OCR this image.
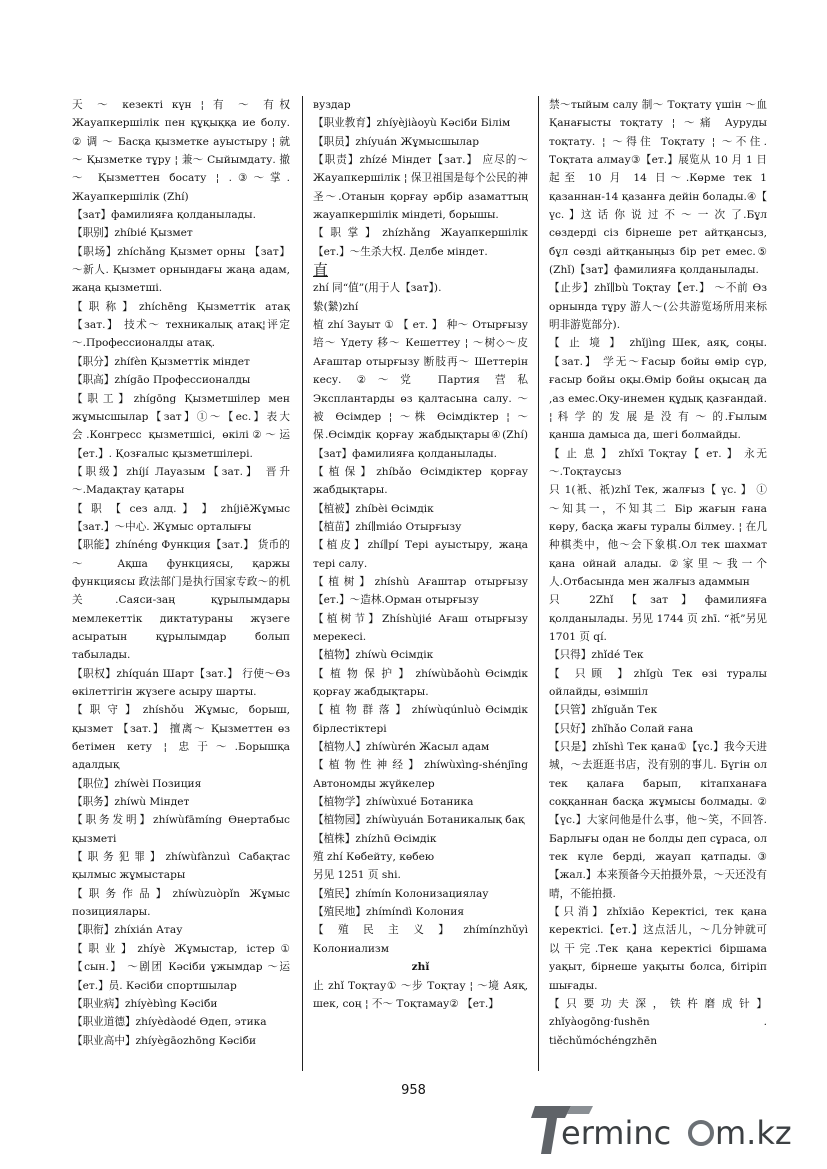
天 ～ кезекті күн ¦ 有 ～ 有权 Жауапкершілік пен құқыққа ие болу. ② 调 ～ Басқа қызметке ауыстыру ¦ 就～ Қызметке тұру ¦ 兼～ Сыйымдату. 撤～ Қызметтен босату ¦ .③～掌. Жауапкершілік (Zhí)

【зат】фамилияға қолданылады.

【职别】zhíbié Қызмет

【职场】zhíchǎng Қызмет орны 【зат】～新人. Қызмет орнындағы жаңа адам, жаңа қызметші.

【职称】zhíchēng Қызметтік атақ 【зат.】 技术～ техникалық атақ¦评定～.Профессионалды атақ.

【职分】zhífèn Қызметтік міндет

【职高】zhígāo Профессионалды

【职工】zhígōng Қызметшілер мен жұмысшылар【зат】①～【ес.】表大会.Конгресс қызметшісі, өкілі②～运【ет.】. Қозғалыс қызметшілері.

【职级】zhíjí Лауазым【зат.】 晋升～.Мадақтау қатары

【 职 【 сез алд. 】 】 zhíjiēЖұмыс 【зат.】～中心. Жұмыс орталығы

【职能】zhínéng Функция【зат.】 货币的～ Ақша функциясы, қаржы функциясы 政法部门是执行国家专政～的机关.Саяси-заң құрылымдары мемлекеттік диктатураны жүзеге асыратын құрылымдар болып табылады.

【职权】zhíquán Шарт【зат.】 行使～Өз өкілеттігін жүзеге асыру шарты.

【职守】zhíshǒu Жұмыс, борыш, қызмет 【зат.】 擅离～ Қызметтен өз бетімен кету ¦ 忠于～.Борышқа адалдық

【职位】zhíwèi Позиция

【职务】zhíwù Міндет

【职务发明】zhíwùfāmíng Өнертабыс қызметі

【职务犯罪】zhíwùfànzuì Сабақтас қылмыс жұмыстары

【职务作品】zhíwùzuòpǐn Жұмыс позициялары.

【职衔】zhíxián Атау

【职业】zhíyè Жұмыстар, істер① 【сын.】 ～剧团 Кәсіби ұжымдар ～运【ет.】员. Кәсіби спортшылар

【职业病】zhíyèbìng Кәсіби

【职业道德】zhíyèdàodé Өдеп, этика

【职业高中】zhíyègāozhōng Кәсіби

вуздар

【职业教育】zhíyèjiàoyù Кәсіби Білім

【职员】zhíyuán Жұмысшылар

【职责】zhízé Міндет【зат.】 应尽的～ Жауапкершілік ¦ 保卫祖国是每个公民的神圣～.Отанын қорғау әрбір азаматтың жауапкершілік міндеті, борышы.

【职掌】zhízhǎng Жауапкершілік 【ет.】～生杀大权. Делбе міндет.

直

zhí 同“值”(用于人【зат】).

絷(縶)zhí

植 zhí Зауыт ① 【 ет. 】 种～ Отырғызу 培～ Үдету 移～ Кешеттеу ¦ ～树◇～皮 Ағаштар отырғызу 断肢再～ Шеттерін кесу. ②～党 Партия 营私 Эксплантарды өз қалтасына салу. ～被 Өсімдер ¦ ～株 Өсімдіктер ¦ ～保.Өсімдік қорғау жабдықтары④(Zhí) 【зат】фамилияға қолданылады.

【植保】zhíbǎo Өсімдіктер қорғау жабдықтары.

【植被】zhíbèi Өсімдік

【植苗】zhí∥miáo Отырғызу

【植皮】zhí∥pí Тері ауыстыру, жаңа тері салу.

【植树】zhíshù Ағаштар отырғызу 【ет.】～造林.Орман отырғызу

【植树节】Zhíshùjié Ағаш отырғызу мерекесі.

【植物】zhíwù Өсімдік

【 植 物 保 护 】 zhíwùbǎohù Өсімдік қорғау жабдықтары.

【 植 物 群 落 】 zhíwùqúnluò Өсімдік бірлестіктері

【植物人】zhíwùrén Жасыл адам

【 植 物 性 神 经 】 zhíwùxìng-shénjīng Автономды жүйкелер

【植物学】zhíwùxué Ботаника

【植物园】zhíwùyuán Ботаникалық бақ

【植株】zhízhū Өсімдік

殖 zhí Көбейту, көбею

另见 1251 页 shi.

【殖民】zhímín Колонизациялау

【殖民地】zhímíndì Колония

【 殖 民 主 义 】 zhímínzhǔyì Колониализм

zhǐ

止 zhǐ Тоқтау① ～步 Тоқтау ¦ ～境 Аяқ, шек, соң ¦ 不～ Тоқтамау② 【ет.】

禁～тыйым салу 制～ Тоқтату үшін ～血 Қанағысты тоқтату ¦ ～痛 Ауруды тоқтату. ¦ ～得住 Тоқтату ¦ ～不住. Тоқтата алмау③【ет.】展览从 10 月 1 日起至 10 月 14 日～.Көрме тек 1 қазаннан-14 қазанға дейін болады.④【 үс. 】这 话 你 说 过 不 ～ 一 次 了.Бұл сөздерді сіз бірнеше рет айтқансыз, бұл сөзді айтқаныңыз бір рет емес.⑤ (Zhǐ)【зат】фамилияға қолданылады.

【止步】zhǐ∥bù Тоқтау【ет.】 ～不前 Өз орнында тұру 游人～(公共游览场所用来标明非游览部分).

【 止 境 】 zhǐjìng Шек, аяқ, соңы. 【зат.】 学无～Ғасыр бойы өмір сүр, ғасыр бойы оқы.Өмір бойы оқысаң да ,аз емес.Оқу-инемен құдық қазғандай. ¦ 科 学 的 发 展 是 没 有 ～ 的.Ғылым қанша дамыса да, шегі болмайды.

【 止 息 】 zhǐxī Тоқтау【 ет. 】 永无～.Тоқтаусыз

只 1(衹、祇)zhǐ Тек, жалғыз【 үс. 】 ① ～知其一，不知其二 Бір жағын ғана көру, басқа жағы туралы білмеу. ¦ 在几种棋类中，他～会下象棋.Ол тек шахмат қана ойнай алады. ②家里～我一个人.Отбасында мен жалғыз адаммын

只 2Zhǐ【зат】фамилияға қолданылады. 另见 1744 页 zhī. “祇”另见 1701 页 qí.

【只得】zhǐdé Тек

【 只顾 】zhǐgù Тек өзі туралы ойлайды, өзімшіл

【只管】zhǐguǎn Тек

【只好】zhǐhǎo Солай ғана

【只是】zhǐshì Тек қана①【үс.】我今天进城，～去逛逛书店，没有别的事儿. Бүгін ол тек қалаға барып, кітапханаға соққаннан басқа жұмысы болмады. ②【үс.】大家问他是什么事，他～笑，不回答. Барлығы одан не болды деп сұраса, ол тек күле берді, жауап қатпады.③【жал.】本来预备今天拍摄外景，～天还没有晴，不能拍摄.

【只消】zhǐxiāo Керектісі, тек қана керектісі.【ет.】这点活儿，～几分钟就可以干完.Тек қана керектісі біршама уақыт, бірнеше уақыты болса, бітіріп шығады.

【 只 要 功 夫 深 ， 铁 杵 磨 成 针 】 zhǐyàogōng·fushēn . tiěchǔmóchéngzhēn

958
erminc m.kz
